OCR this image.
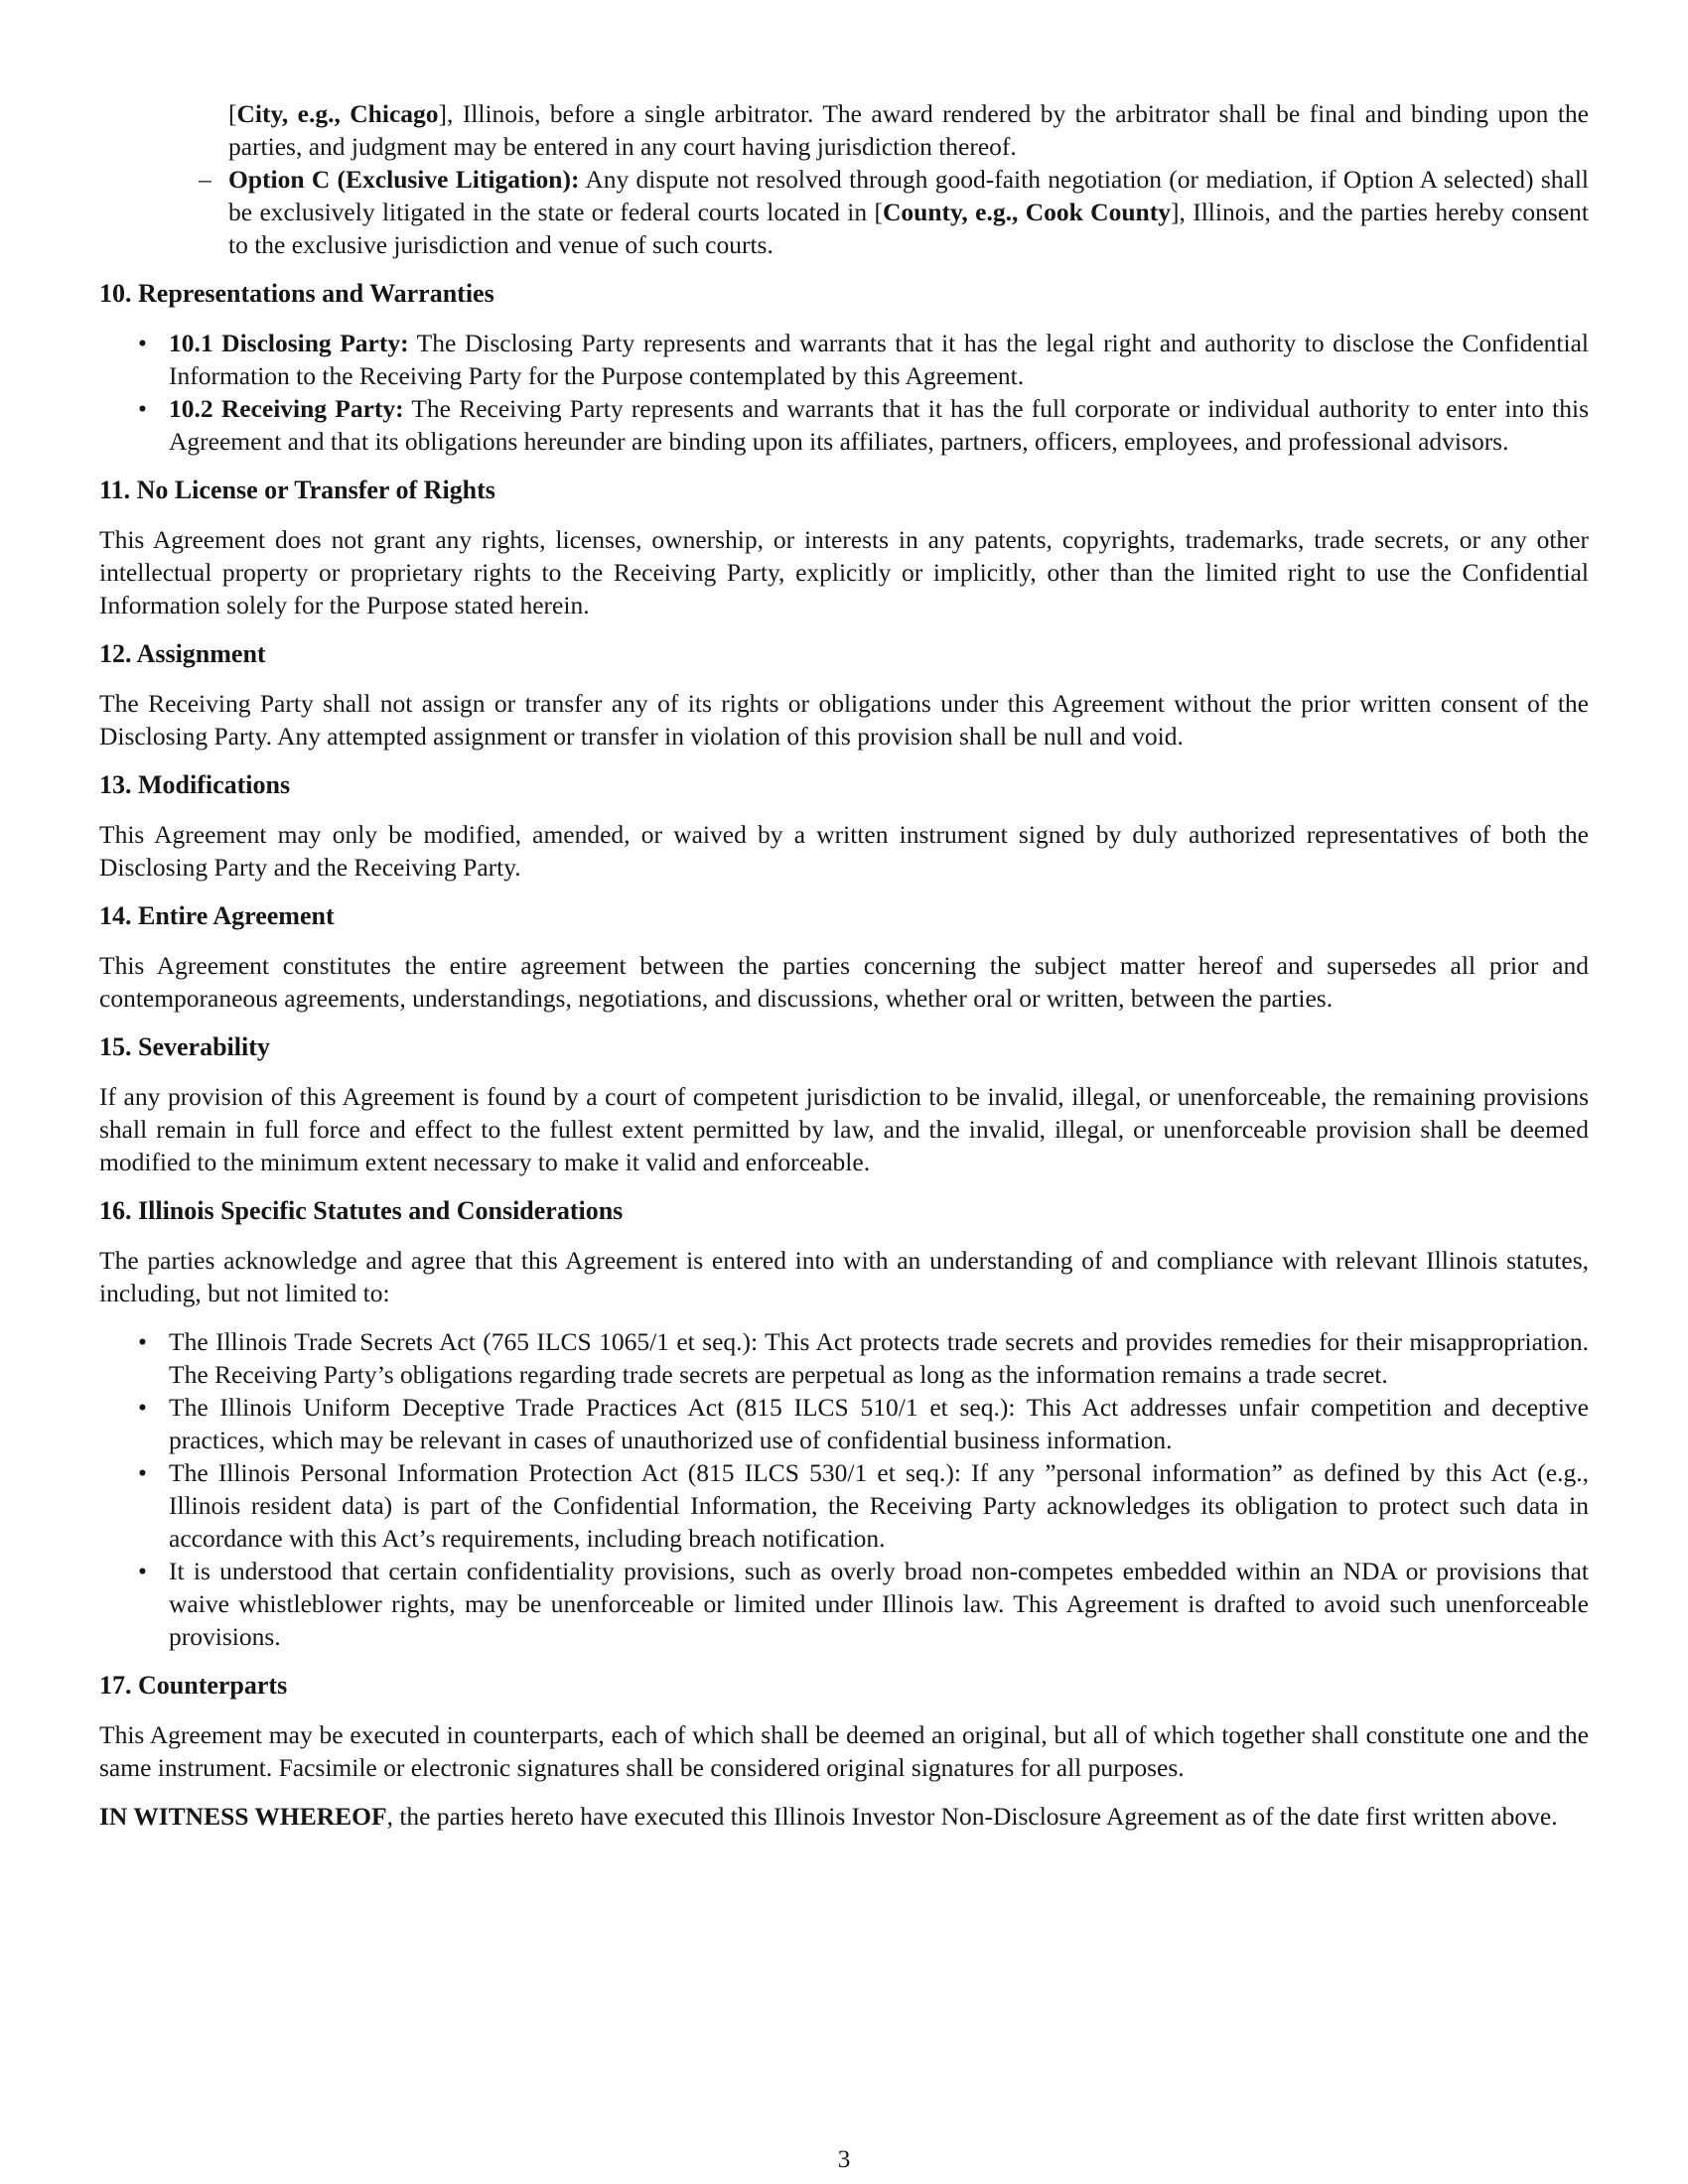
[City, e.g., Chicago], Illinois, before a single arbitrator. The award rendered by the arbitrator shall be final and binding upon the parties, and judgment may be entered in any court having jurisdiction thereof.

– Option C (Exclusive Litigation): Any dispute not resolved through good-faith negotiation (or mediation, if Option A selected) shall be exclusively litigated in the state or federal courts located in [County, e.g., Cook County], Illinois, and the parties hereby consent to the exclusive jurisdiction and venue of such courts.

10. Representations and Warranties
• 10.1 Disclosing Party: The Disclosing Party represents and warrants that it has the legal right and authority to disclose the Confidential Information to the Receiving Party for the Purpose contemplated by this Agreement.
• 10.2 Receiving Party: The Receiving Party represents and warrants that it has the full corporate or individual authority to enter into this Agreement and that its obligations hereunder are binding upon its affiliates, partners, officers, employees, and professional advisors.
11. No License or Transfer of Rights

This Agreement does not grant any rights, licenses, ownership, or interests in any patents, copyrights, trademarks, trade secrets, or any other intellectual property or proprietary rights to the Receiving Party, explicitly or implicitly, other than the limited right to use the Confidential Information solely for the Purpose stated herein.

12. Assignment

The Receiving Party shall not assign or transfer any of its rights or obligations under this Agreement without the prior written consent of the Disclosing Party. Any attempted assignment or transfer in violation of this provision shall be null and void.

13. Modifications

This Agreement may only be modified, amended, or waived by a written instrument signed by duly authorized representatives of both the Disclosing Party and the Receiving Party.

14. Entire Agreement

This Agreement constitutes the entire agreement between the parties concerning the subject matter hereof and supersedes all prior and contemporaneous agreements, understandings, negotiations, and discussions, whether oral or written, between the parties.

15. Severability

If any provision of this Agreement is found by a court of competent jurisdiction to be invalid, illegal, or unenforceable, the remaining provisions shall remain in full force and effect to the fullest extent permitted by law, and the invalid, illegal, or unenforceable provision shall be deemed modified to the minimum extent necessary to make it valid and enforceable.

16. Illinois Specific Statutes and Considerations

The parties acknowledge and agree that this Agreement is entered into with an understanding of and compliance with relevant Illinois statutes, including, but not limited to:

• The Illinois Trade Secrets Act (765 ILCS 1065/1 et seq.): This Act protects trade secrets and provides remedies for their misappropriation. The Receiving Party’s obligations regarding trade secrets are perpetual as long as the information remains a trade secret.
• The Illinois Uniform Deceptive Trade Practices Act (815 ILCS 510/1 et seq.): This Act addresses unfair competition and deceptive practices, which may be relevant in cases of unauthorized use of confidential business information.
• The Illinois Personal Information Protection Act (815 ILCS 530/1 et seq.): If any ”personal information” as defined by this Act (e.g., Illinois resident data) is part of the Confidential Information, the Receiving Party acknowledges its obligation to protect such data in accordance with this Act’s requirements, including breach notification.
• It is understood that certain confidentiality provisions, such as overly broad non-competes embedded within an NDA or provisions that waive whistleblower rights, may be unenforceable or limited under Illinois law. This Agreement is drafted to avoid such unenforceable provisions.
17. Counterparts

This Agreement may be executed in counterparts, each of which shall be deemed an original, but all of which together shall constitute one and the same instrument. Facsimile or electronic signatures shall be considered original signatures for all purposes.

IN WITNESS WHEREOF, the parties hereto have executed this Illinois Investor Non-Disclosure Agreement as of the date first written above.

3
